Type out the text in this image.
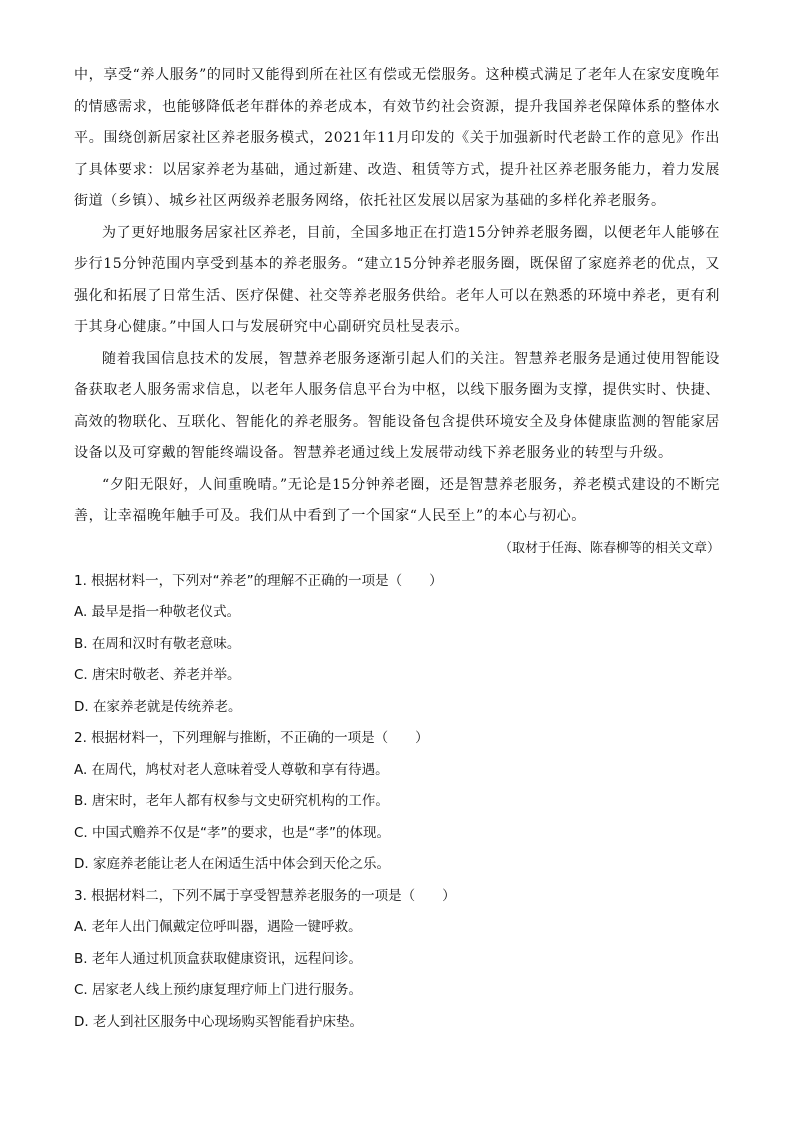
中，享受“养人服务”的同时又能得到所在社区有偿或无偿服务。这种模式满足了老年人在家安度晚年的情感需求，也能够降低老年群体的养老成本，有效节约社会资源，提升我国养老保障体系的整体水平。围绕创新居家社区养老服务模式，2021年11月印发的《关于加强新时代老龄工作的意见》作出了具体要求：以居家养老为基础，通过新建、改造、租赁等方式，提升社区养老服务能力，着力发展街道（乡镇）、城乡社区两级养老服务网络，依托社区发展以居家为基础的多样化养老服务。

为了更好地服务居家社区养老，目前，全国多地正在打造15分钟养老服务圈，以便老年人能够在步行15分钟范围内享受到基本的养老服务。“建立15分钟养老服务圈，既保留了家庭养老的优点，又强化和拓展了日常生活、医疗保健、社交等养老服务供给。老年人可以在熟悉的环境中养老，更有利于其身心健康。”中国人口与发展研究中心副研究员杜旻表示。

随着我国信息技术的发展，智慧养老服务逐渐引起人们的关注。智慧养老服务是通过使用智能设备获取老人服务需求信息，以老年人服务信息平台为中枢，以线下服务圈为支撑，提供实时、快捷、高效的物联化、互联化、智能化的养老服务。智能设备包含提供环境安全及身体健康监测的智能家居设备以及可穿戴的智能终端设备。智慧养老通过线上发展带动线下养老服务业的转型与升级。

“夕阳无限好，人间重晚晴。”无论是15分钟养老圈，还是智慧养老服务，养老模式建设的不断完善，让幸福晚年触手可及。我们从中看到了一个国家“人民至上”的本心与初心。

（取材于任海、陈春柳等的相关文章）

1. 根据材料一，下列对“养老”的理解不正确的一项是（　　）

A. 最早是指一种敬老仪式。

B. 在周和汉时有敬老意味。

C. 唐宋时敬老、养老并举。

D. 在家养老就是传统养老。

2. 根据材料一，下列理解与推断，不正确的一项是（　　）

A. 在周代，鸠杖对老人意味着受人尊敬和享有待遇。

B. 唐宋时，老年人都有权参与文史研究机构的工作。

C. 中国式赡养不仅是“孝”的要求，也是“孝”的体现。

D. 家庭养老能让老人在闲适生活中体会到天伦之乐。

3. 根据材料二，下列不属于享受智慧养老服务的一项是（　　）

A. 老年人出门佩戴定位呼叫器，遇险一键呼救。

B. 老年人通过机顶盒获取健康资讯，远程问诊。

C. 居家老人线上预约康复理疗师上门进行服务。

D. 老人到社区服务中心现场购买智能看护床垫。
